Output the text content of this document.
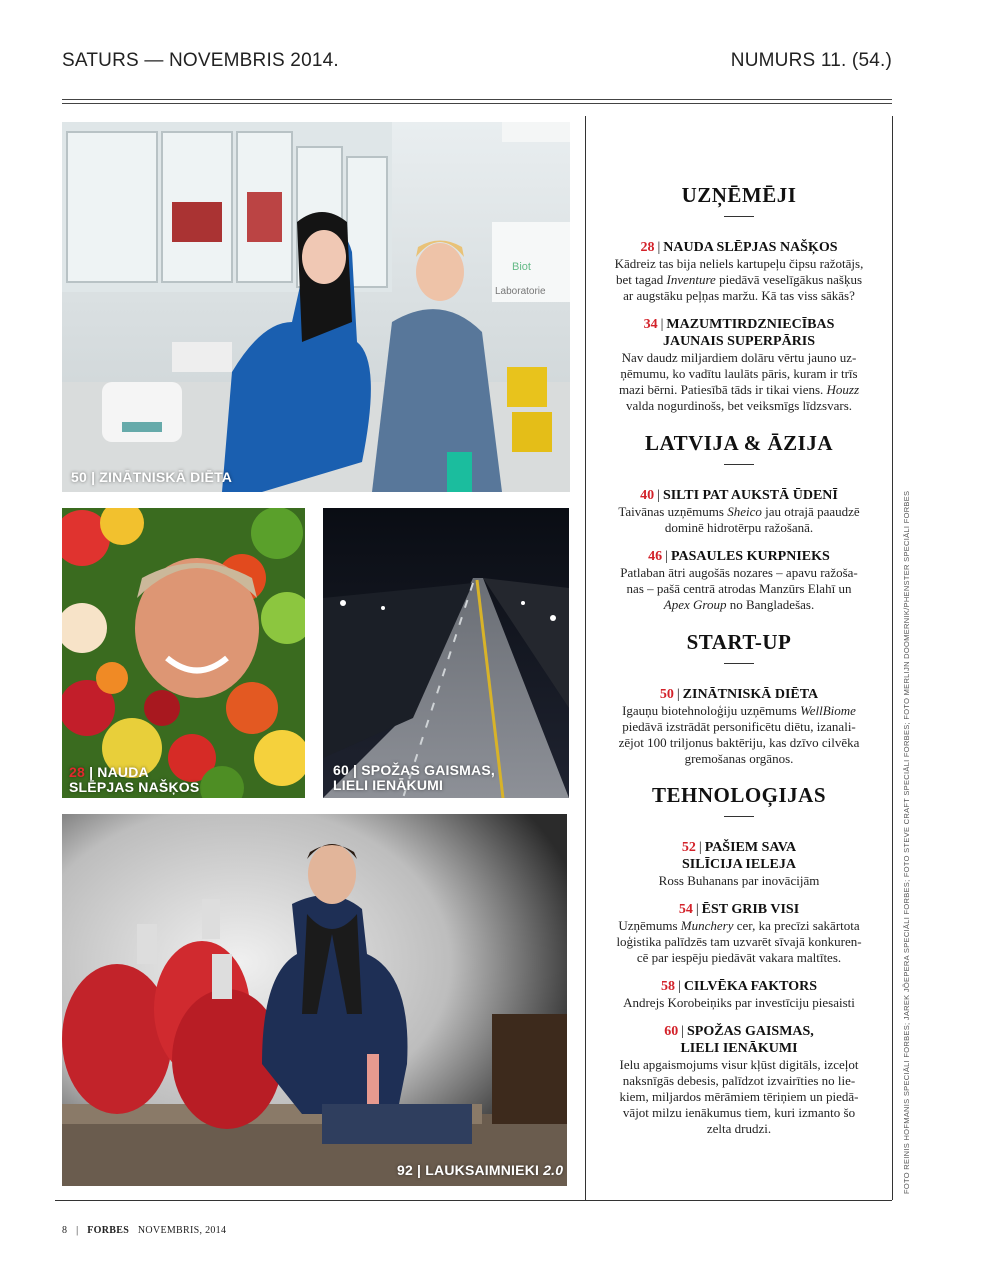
SATURS — NOVEMBRIS 2014.	NUMURS 11. (54.)
Biot
Laboratorie
50 | ZINĀTNISKĀ DIĒTA
28 | NAUDA
SLĒPJAS NAŠĶOS
60 | SPOŽAS GAISMAS,
LIELI IENĀKUMI
92 | LAUKSAIMNIEKI 2.0
UZŅĒMĒJI
28 | NAUDA SLĒPJAS NAŠĶOS
Kādreiz tas bija neliels kartupeļu čipsu ražotājs,
bet tagad Inventure piedāvā veselīgākus našķus
ar augstāku peļņas maržu. Kā tas viss sākās?
34 | MAZUMTIRDZNIECĪBAS
JAUNAIS SUPERPĀRIS
Nav daudz miljardiem dolāru vērtu jauno uz-
ņēmumu, ko vadītu laulāts pāris, kuram ir trīs
mazi bērni. Patiesībā tāds ir tikai viens. Houzz
valda nogurdinošs, bet veiksmīgs līdzsvars.
LATVIJA & ĀZIJA
40 | SILTI PAT AUKSTĀ ŪDENĪ
Taivānas uzņēmums Sheico jau otrajā paaudzē
dominē hidrotērpu ražošanā.
46 | PASAULES KURPNIEKS
Patlaban ātri augošās nozares – apavu ražoša-
nas – pašā centrā atrodas Manzūrs Elahī un
Apex Group no Bangladešas.
START-UP
50 | ZINĀTNISKĀ DIĒTA
Igauņu biotehnoloģiju uzņēmums WellBiome
piedāvā izstrādāt personificētu diētu, izanali-
zējot 100 triljonus baktēriju, kas dzīvo cilvēka
gremošanas orgānos.
TEHNOLOĢIJAS
52 | PAŠIEM SAVA
SILĪCIJA IELEJA
Ross Buhanans par inovācijām
54 | ĒST GRIB VISI
Uzņēmums Munchery cer, ka precīzi sakārtota
loģistika palīdzēs tam uzvarēt sīvajā konkuren-
cē par iespēju piedāvāt vakara maltītes.
58 | CILVĒKA FAKTORS
Andrejs Korobeiņiks par investīciju piesaisti
60 | SPOŽAS GAISMAS,
LIELI IENĀKUMI
Ielu apgaismojums visur kļūst digitāls, izceļot
naksnīgās debesis, palīdzot izvairīties no lie-
kiem, miljardos mērāmiem tēriņiem un piedā-
vājot milzu ienākumus tiem, kuri izmanto šo
zelta drudzi.	FOTO REINIS HOFMANIS SPECIĀLI FORBES; JAREK JÕEPERA SPECIĀLI FORBES; FOTO STEVE CRAFT SPECIĀLI FORBES; FOTO MERLIJN DOOMERNIK/PHENSTER SPECIĀLI FORBES
8 | FORBES NOVEMBRIS, 2014
